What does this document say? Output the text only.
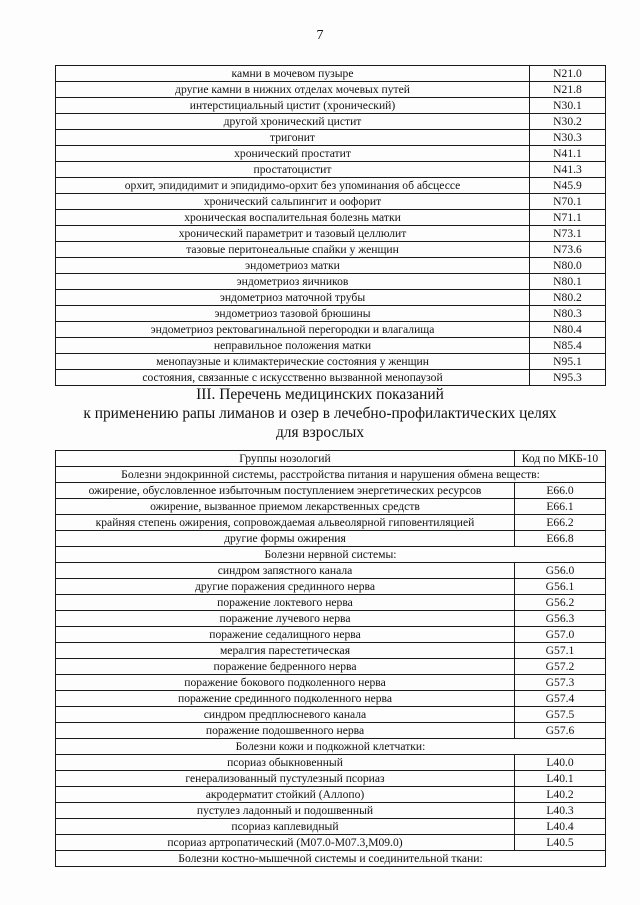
7
камни в мочевом пузыре	N21.0
другие камни в нижних отделах мочевых путей	N21.8
интерстициальный цистит (хронический)	N30.1
другой хронический цистит	N30.2
тригонит	N30.3
хронический простатит	N41.1
простатоцистит	N41.3
орхит, эпидидимит и эпидидимо-орхит без упоминания об абсцессе	N45.9
хронический сальпингит и оофорит	N70.1
хроническая воспалительная болезнь матки	N71.1
хронический параметрит и тазовый целлюлит	N73.1
тазовые перитонеальные спайки у женщин	N73.6
эндометриоз матки	N80.0
эндометриоз яичников	N80.1
эндометриоз маточной трубы	N80.2
эндометриоз тазовой брюшины	N80.3
эндометриоз ректовагинальной перегородки и влагалища	N80.4
неправильное положения матки	N85.4
менопаузные и климактерические состояния у женщин	N95.1
состояния, связанные с искусственно вызванной менопаузой	N95.3
III. Перечень медицинских показаний
к применению рапы лиманов и озер в лечебно-профилактических целях
для взрослых
Группы нозологий	Код по МКБ-10
Болезни эндокринной системы, расстройства питания и нарушения обмена веществ:	
ожирение, обусловленное избыточным поступлением энергетических ресурсов	E66.0
ожирение, вызванное приемом лекарственных средств	E66.1
крайняя степень ожирения, сопровождаемая альвеолярной гиповентиляцией	E66.2
другие формы ожирения	E66.8
Болезни нервной системы:	
синдром запястного канала	G56.0
другие поражения срединного нерва	G56.1
поражение локтевого нерва	G56.2
поражение лучевого нерва	G56.3
поражение седалищного нерва	G57.0
мералгия парестетическая	G57.1
поражение бедренного нерва	G57.2
поражение бокового подколенного нерва	G57.3
поражение срединного подколенного нерва	G57.4
синдром предплюсневого канала	G57.5
поражение подошвенного нерва	G57.6
Болезни кожи и подкожной клетчатки:	
псориаз обыкновенный	L40.0
генерализованный пустулезный псориаз	L40.1
акродерматит стойкий (Аллопо)	L40.2
пустулез ладонный и подошвенный	L40.3
псориаз каплевидный	L40.4
псориаз артропатический (M07.0-M07.3,M09.0)	L40.5
Болезни костно-мышечной системы и соединительной ткани:	
